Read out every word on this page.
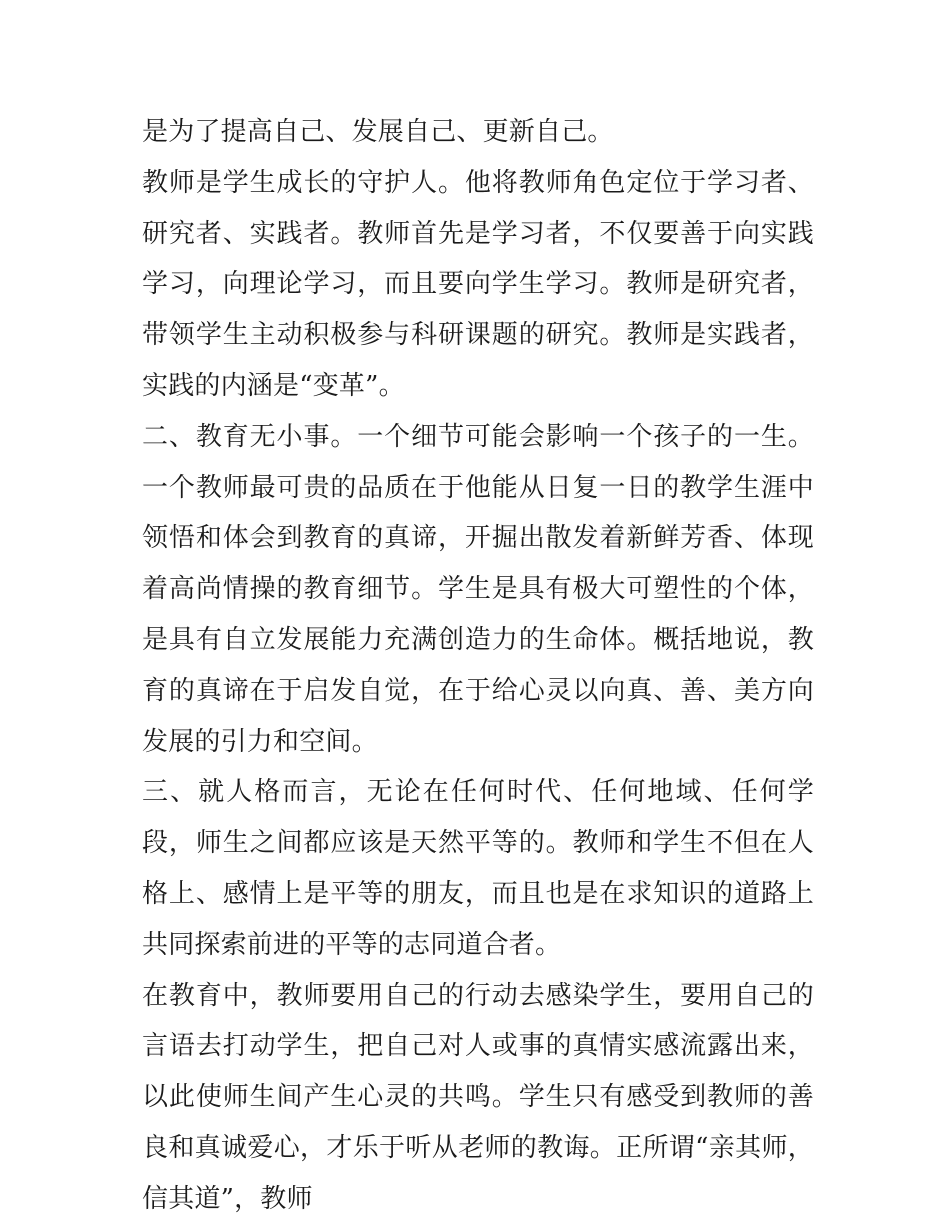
是为了提高自己、发展自己、更新自己。

教师是学生成长的守护人。他将教师角色定位于学习者、研究者、实践者。教师首先是学习者，不仅要善于向实践学习，向理论学习，而且要向学生学习。教师是研究者，带领学生主动积极参与科研课题的研究。教师是实践者，实践的内涵是“变革”。

二、教育无小事。一个细节可能会影响一个孩子的一生。一个教师最可贵的品质在于他能从日复一日的教学生涯中领悟和体会到教育的真谛，开掘出散发着新鲜芳香、体现着高尚情操的教育细节。学生是具有极大可塑性的个体，是具有自立发展能力充满创造力的生命体。概括地说，教育的真谛在于启发自觉，在于给心灵以向真、善、美方向发展的引力和空间。

三、就人格而言，无论在任何时代、任何地域、任何学段，师生之间都应该是天然平等的。教师和学生不但在人格上、感情上是平等的朋友，而且也是在求知识的道路上共同探索前进的平等的志同道合者。

在教育中，教师要用自己的行动去感染学生，要用自己的言语去打动学生，把自己对人或事的真情实感流露出来，以此使师生间产生心灵的共鸣。学生只有感受到教师的善良和真诚爱心，才乐于听从老师的教诲。正所谓“亲其师，信其道”，教师
